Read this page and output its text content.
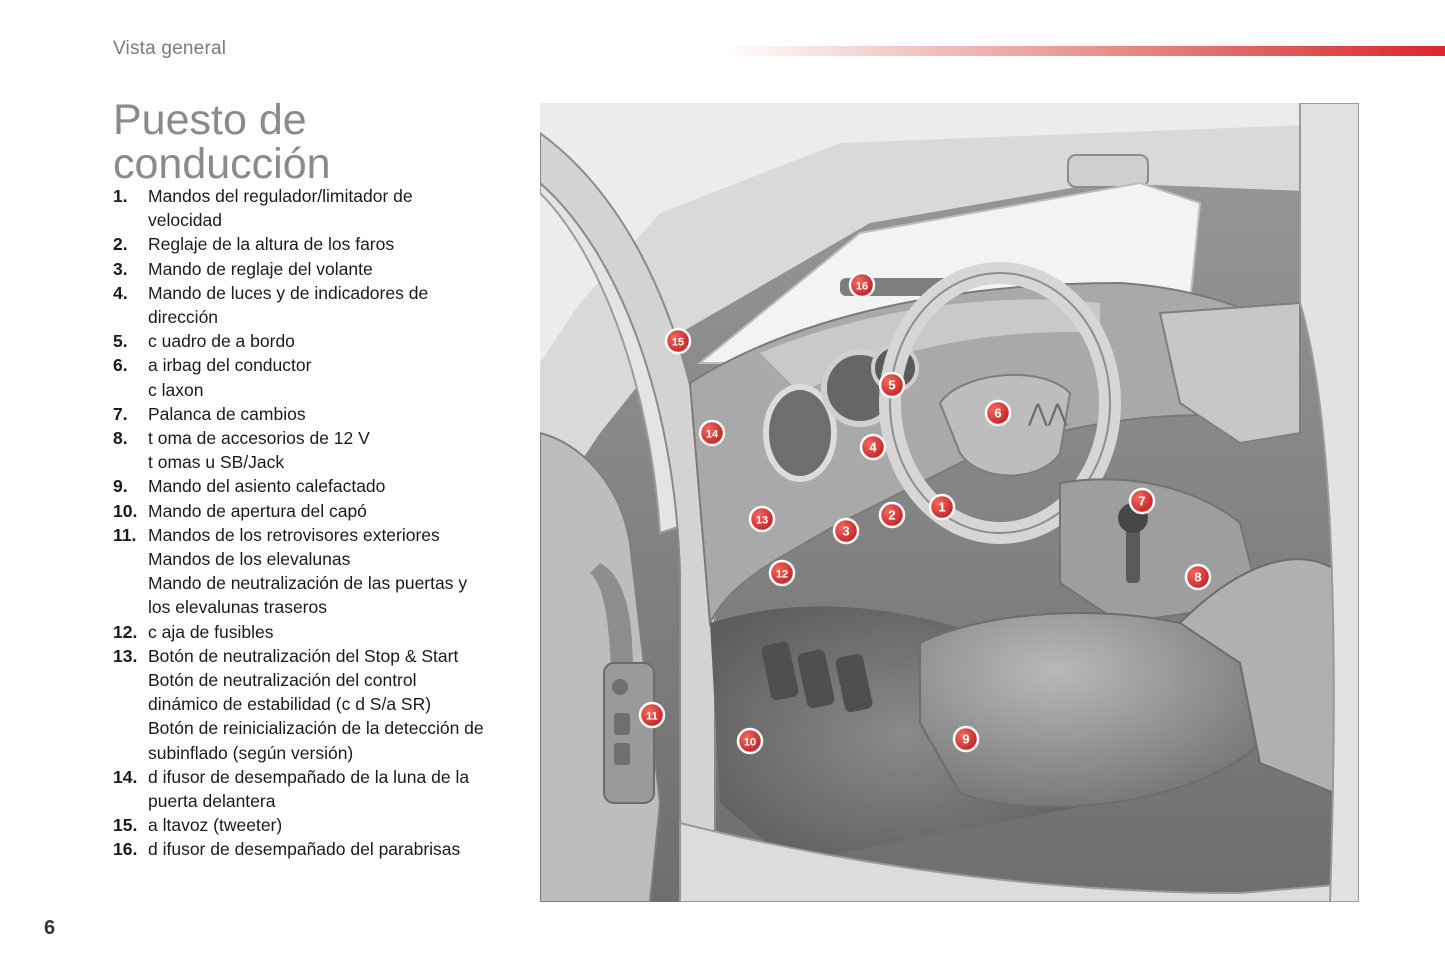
Vista general
Puesto de
conducción
1.	Mandos del regulador/limitador de
velocidad
2.	Reglaje de la altura de los faros
3.	Mando de reglaje del volante
4.	Mando de luces y de indicadores de
dirección
5.	c uadro de a bordo
6.	a irbag del conductor
c laxon
7.	Palanca de cambios
8.	t oma de accesorios de 12 V
t omas u SB/Jack
9.	Mando del asiento calefactado
10. Mando de apertura del capó
11. Mandos de los retrovisores exteriores
Mandos de los elevalunas
Mando de neutralización de las puertas y
los elevalunas traseros
12. c aja de fusibles
13. Botón de neutralización del Stop & Start
Botón de neutralización del control
dinámico de estabilidad (c d S/a SR)
Botón de reinicialización de la detección de
subinflado (según versión)
14. d ifusor de desempañado de la luna de la
puerta delantera
15. a ltavoz (tweeter)
16. d ifusor de desempañado del parabrisas
⋀⋀
1
2
3
4
5
6
7
8
9
10
11
12
13
14
15
16
6
